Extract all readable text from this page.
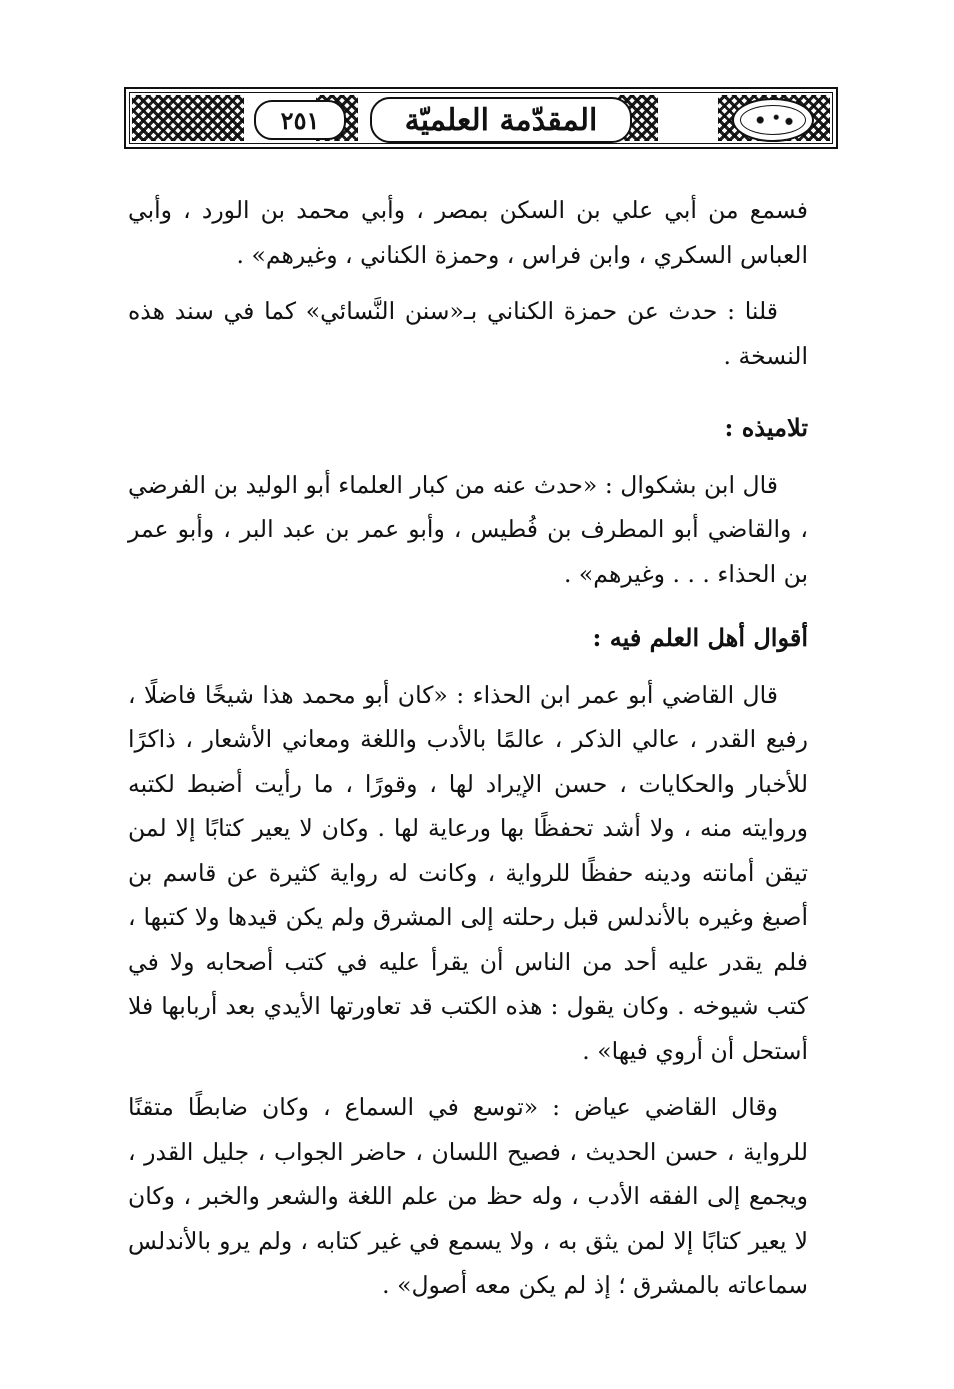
المقدّمة العلميّة
٢٥١

فسمع من أبي علي بن السكن بمصر ، وأبي محمد بن الورد ، وأبي العباس السكري ، وابن فراس ، وحمزة الكناني ، وغيرهم» .

قلنا : حدث عن حمزة الكناني بـ«سنن النَّسائي» كما في سند هذه النسخة .

تلاميذه :

قال ابن بشكوال : «حدث عنه من كبار العلماء أبو الوليد بن الفرضي ، والقاضي أبو المطرف بن فُطيس ، وأبو عمر بن عبد البر ، وأبو عمر بن الحذاء . . . وغيرهم» .

أقوال أهل العلم فيه :

قال القاضي أبو عمر ابن الحذاء : «كان أبو محمد هذا شيخًا فاضلًا ، رفيع القدر ، عالي الذكر ، عالمًا بالأدب واللغة ومعاني الأشعار ، ذاكرًا للأخبار والحكايات ، حسن الإيراد لها ، وقورًا ، ما رأيت أضبط لكتبه وروايته منه ، ولا أشد تحفظًا بها ورعاية لها . وكان لا يعير كتابًا إلا لمن تيقن أمانته ودينه حفظًا للرواية ، وكانت له رواية كثيرة عن قاسم بن أصبغ وغيره بالأندلس قبل رحلته إلى المشرق ولم يكن قيدها ولا كتبها ، فلم يقدر عليه أحد من الناس أن يقرأ عليه في كتب أصحابه ولا في كتب شيوخه . وكان يقول : هذه الكتب قد تعاورتها الأيدي بعد أربابها فلا أستحل أن أروي فيها» .

وقال القاضي عياض : «توسع في السماع ، وكان ضابطًا متقنًا للرواية ، حسن الحديث ، فصيح اللسان ، حاضر الجواب ، جليل القدر ، ويجمع إلى الفقه الأدب ، وله حظ من علم اللغة والشعر والخبر ، وكان لا يعير كتابًا إلا لمن يثق به ، ولا يسمع في غير كتابه ، ولم يرو بالأندلس سماعاته بالمشرق ؛ إذ لم يكن معه أصول» .
